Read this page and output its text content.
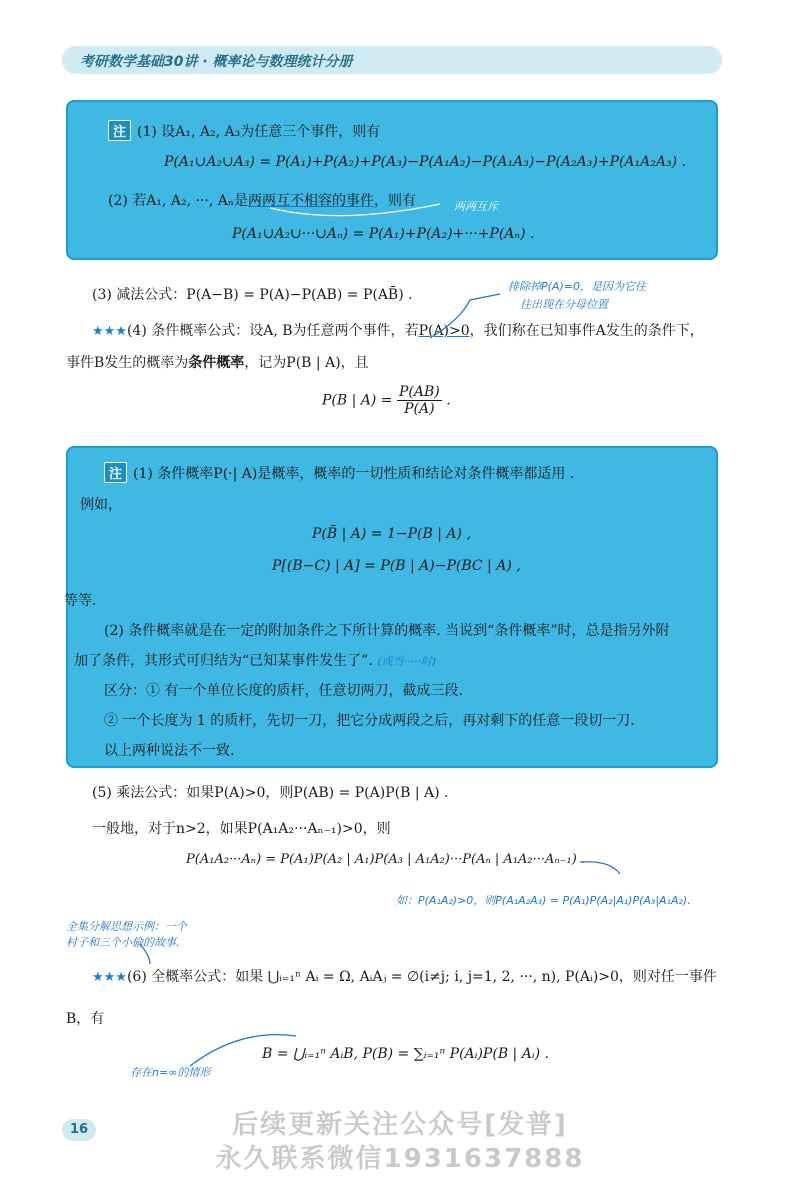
考研数学基础30讲 · 概率论与数理统计分册
注 (1) 设A₁, A₂, A₃为任意三个事件，则有
P(A₁∪A₂∪A₃) = P(A₁)+P(A₂)+P(A₃)−P(A₁A₂)−P(A₁A₃)−P(A₂A₃)+P(A₁A₂A₃) .
(2) 若A₁, A₂, ···, Aₙ是两两互不相容的事件，则有	两两互斥
P(A₁∪A₂∪···∪Aₙ) = P(A₁)+P(A₂)+···+P(Aₙ) .
(3) 减法公式：P(A−B) = P(A)−P(AB) = P(AB̄) .
排除掉P(A)=0，是因为它往
往出现在分母位置
★★★(4) 条件概率公式：设A, B为任意两个事件，若P(A)>0，我们称在已知事件A发生的条件下，
事件B发生的概率为条件概率，记为P(B | A)，且
P(B | $A) = \frac{P(AB)}{P(A)}$ .
注 (1) 条件概率P(·| A)是概率，概率的一切性质和结论对条件概率都适用 .
例如，
P(B̄ | A) = 1−P(B | A) ,
P[(B−C) | A] = P(B | A)−P(BC | A) ,
等等.
(2) 条件概率就是在一定的附加条件之下所计算的概率. 当说到“条件概率”时，总是指另外附
加了条件，其形式可归结为“已知某事件发生了”. (或当·····时)
区分：① 有一个单位长度的质杆，任意切两刀，截成三段.
② 一个长度为 1 的质杆，先切一刀，把它分成两段之后，再对剩下的任意一段切一刀.
以上两种说法不一致.
(5) 乘法公式：如果P(A)>0，则P(AB) = P(A)P(B | A) .
一般地，对于n>2，如果P(A₁A₂···Aₙ₋₁)>0，则
P(A₁A₂···Aₙ) = P(A₁)P(A₂ | A₁)P(A₃ | A₁A₂)···P(Aₙ | A₁A₂···Aₙ₋₁) .
如：P(A₁A₂)>0，则P(A₁A₂A₃) = P(A₁)P(A₂|A₁)P(A₃|A₁A₂).
全集分解思想示例：一个
村子和三个小偷的故事.
★★★(6) 全概率公式：如果 ⋃ᵢ₌₁ⁿ Aᵢ = Ω, AᵢAⱼ = ∅(i≠j; i, j=1, 2, ···, n), P(Aᵢ)>0，则对任一事件
B，有
B = ⋃ᵢ₌₁ⁿ AᵢB, P(B) = ∑ᵢ₌₁ⁿ P(Aᵢ)P(B | Aᵢ) .
存在n=∞的情形
16	后续更新关注公众号[发普]
永久联系微信1931637888
